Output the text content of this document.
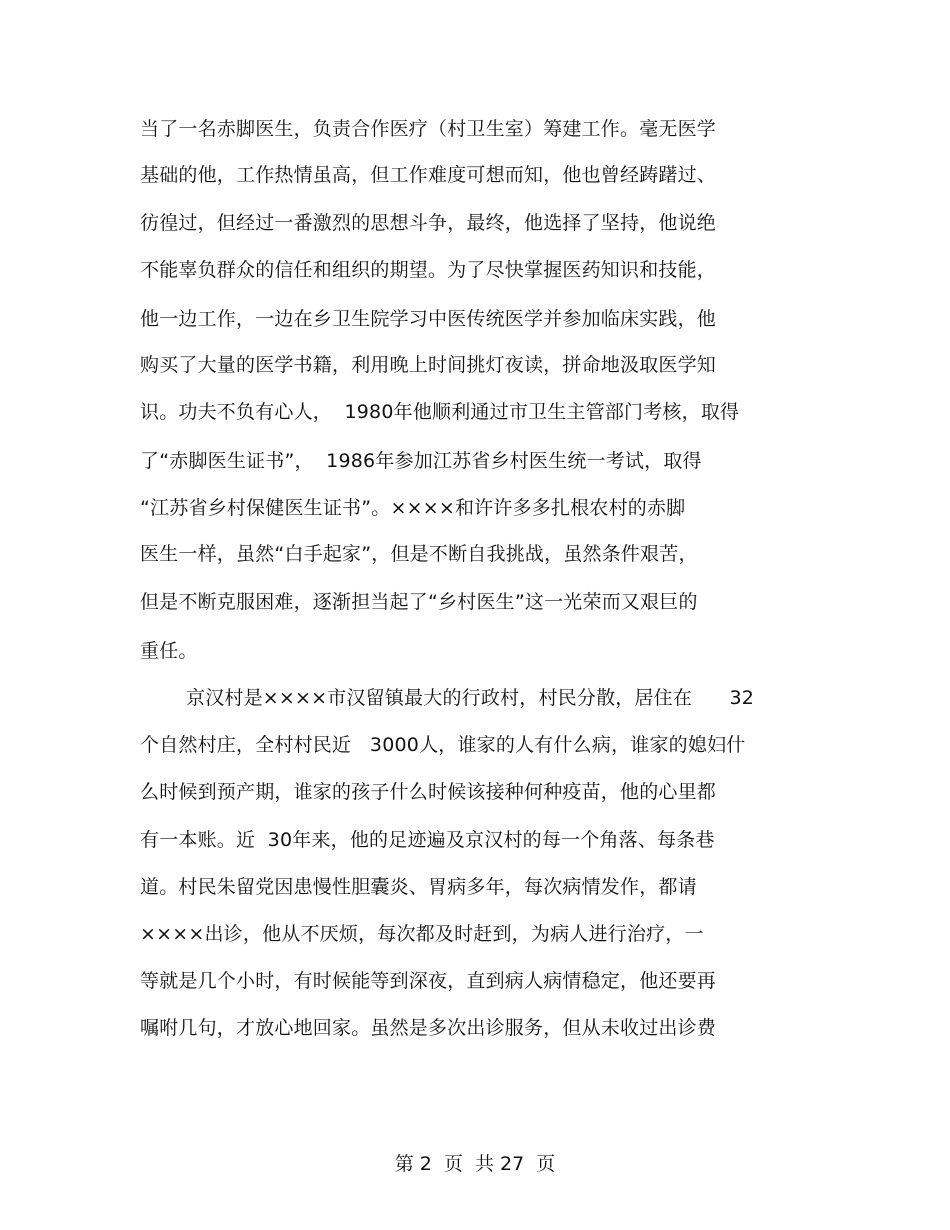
当了一名赤脚医生，负责合作医疗（村卫生室）筹建工作。毫无医学
基础的他，工作热情虽高，但工作难度可想而知，他也曾经踌躇过、
彷徨过，但经过一番激烈的思想斗争，最终，他选择了坚持，他说绝
不能辜负群众的信任和组织的期望。为了尽快掌握医药知识和技能，
他一边工作，一边在乡卫生院学习中医传统医学并参加临床实践，他
购买了大量的医学书籍，利用晚上时间挑灯夜读，拼命地汲取医学知
识。功夫不负有心人，  1980年他顺利通过市卫生主管部门考核，取得
了“赤脚医生证书”，  1986年参加江苏省乡村医生统一考试，取得
“江苏省乡村保健医生证书”。××××和许许多多扎根农村的赤脚
医生一样，虽然“白手起家”，但是不断自我挑战，虽然条件艰苦，
但是不断克服困难，逐渐担当起了“乡村医生”这一光荣而又艰巨的
重任。
京汉村是××××市汉留镇最大的行政村，村民分散，居住在      32
个自然村庄，全村村民近   3000人，谁家的人有什么病，谁家的媳妇什
么时候到预产期，谁家的孩子什么时候该接种何种疫苗，他的心里都
有一本账。近  30年来，他的足迹遍及京汉村的每一个角落、每条巷
道。村民朱留党因患慢性胆囊炎、胃病多年，每次病情发作，都请
××××出诊，他从不厌烦，每次都及时赶到，为病人进行治疗，一
等就是几个小时，有时候能等到深夜，直到病人病情稳定，他还要再
嘱咐几句，才放心地回家。虽然是多次出诊服务，但从未收过出诊费
第 2  页  共 27  页
